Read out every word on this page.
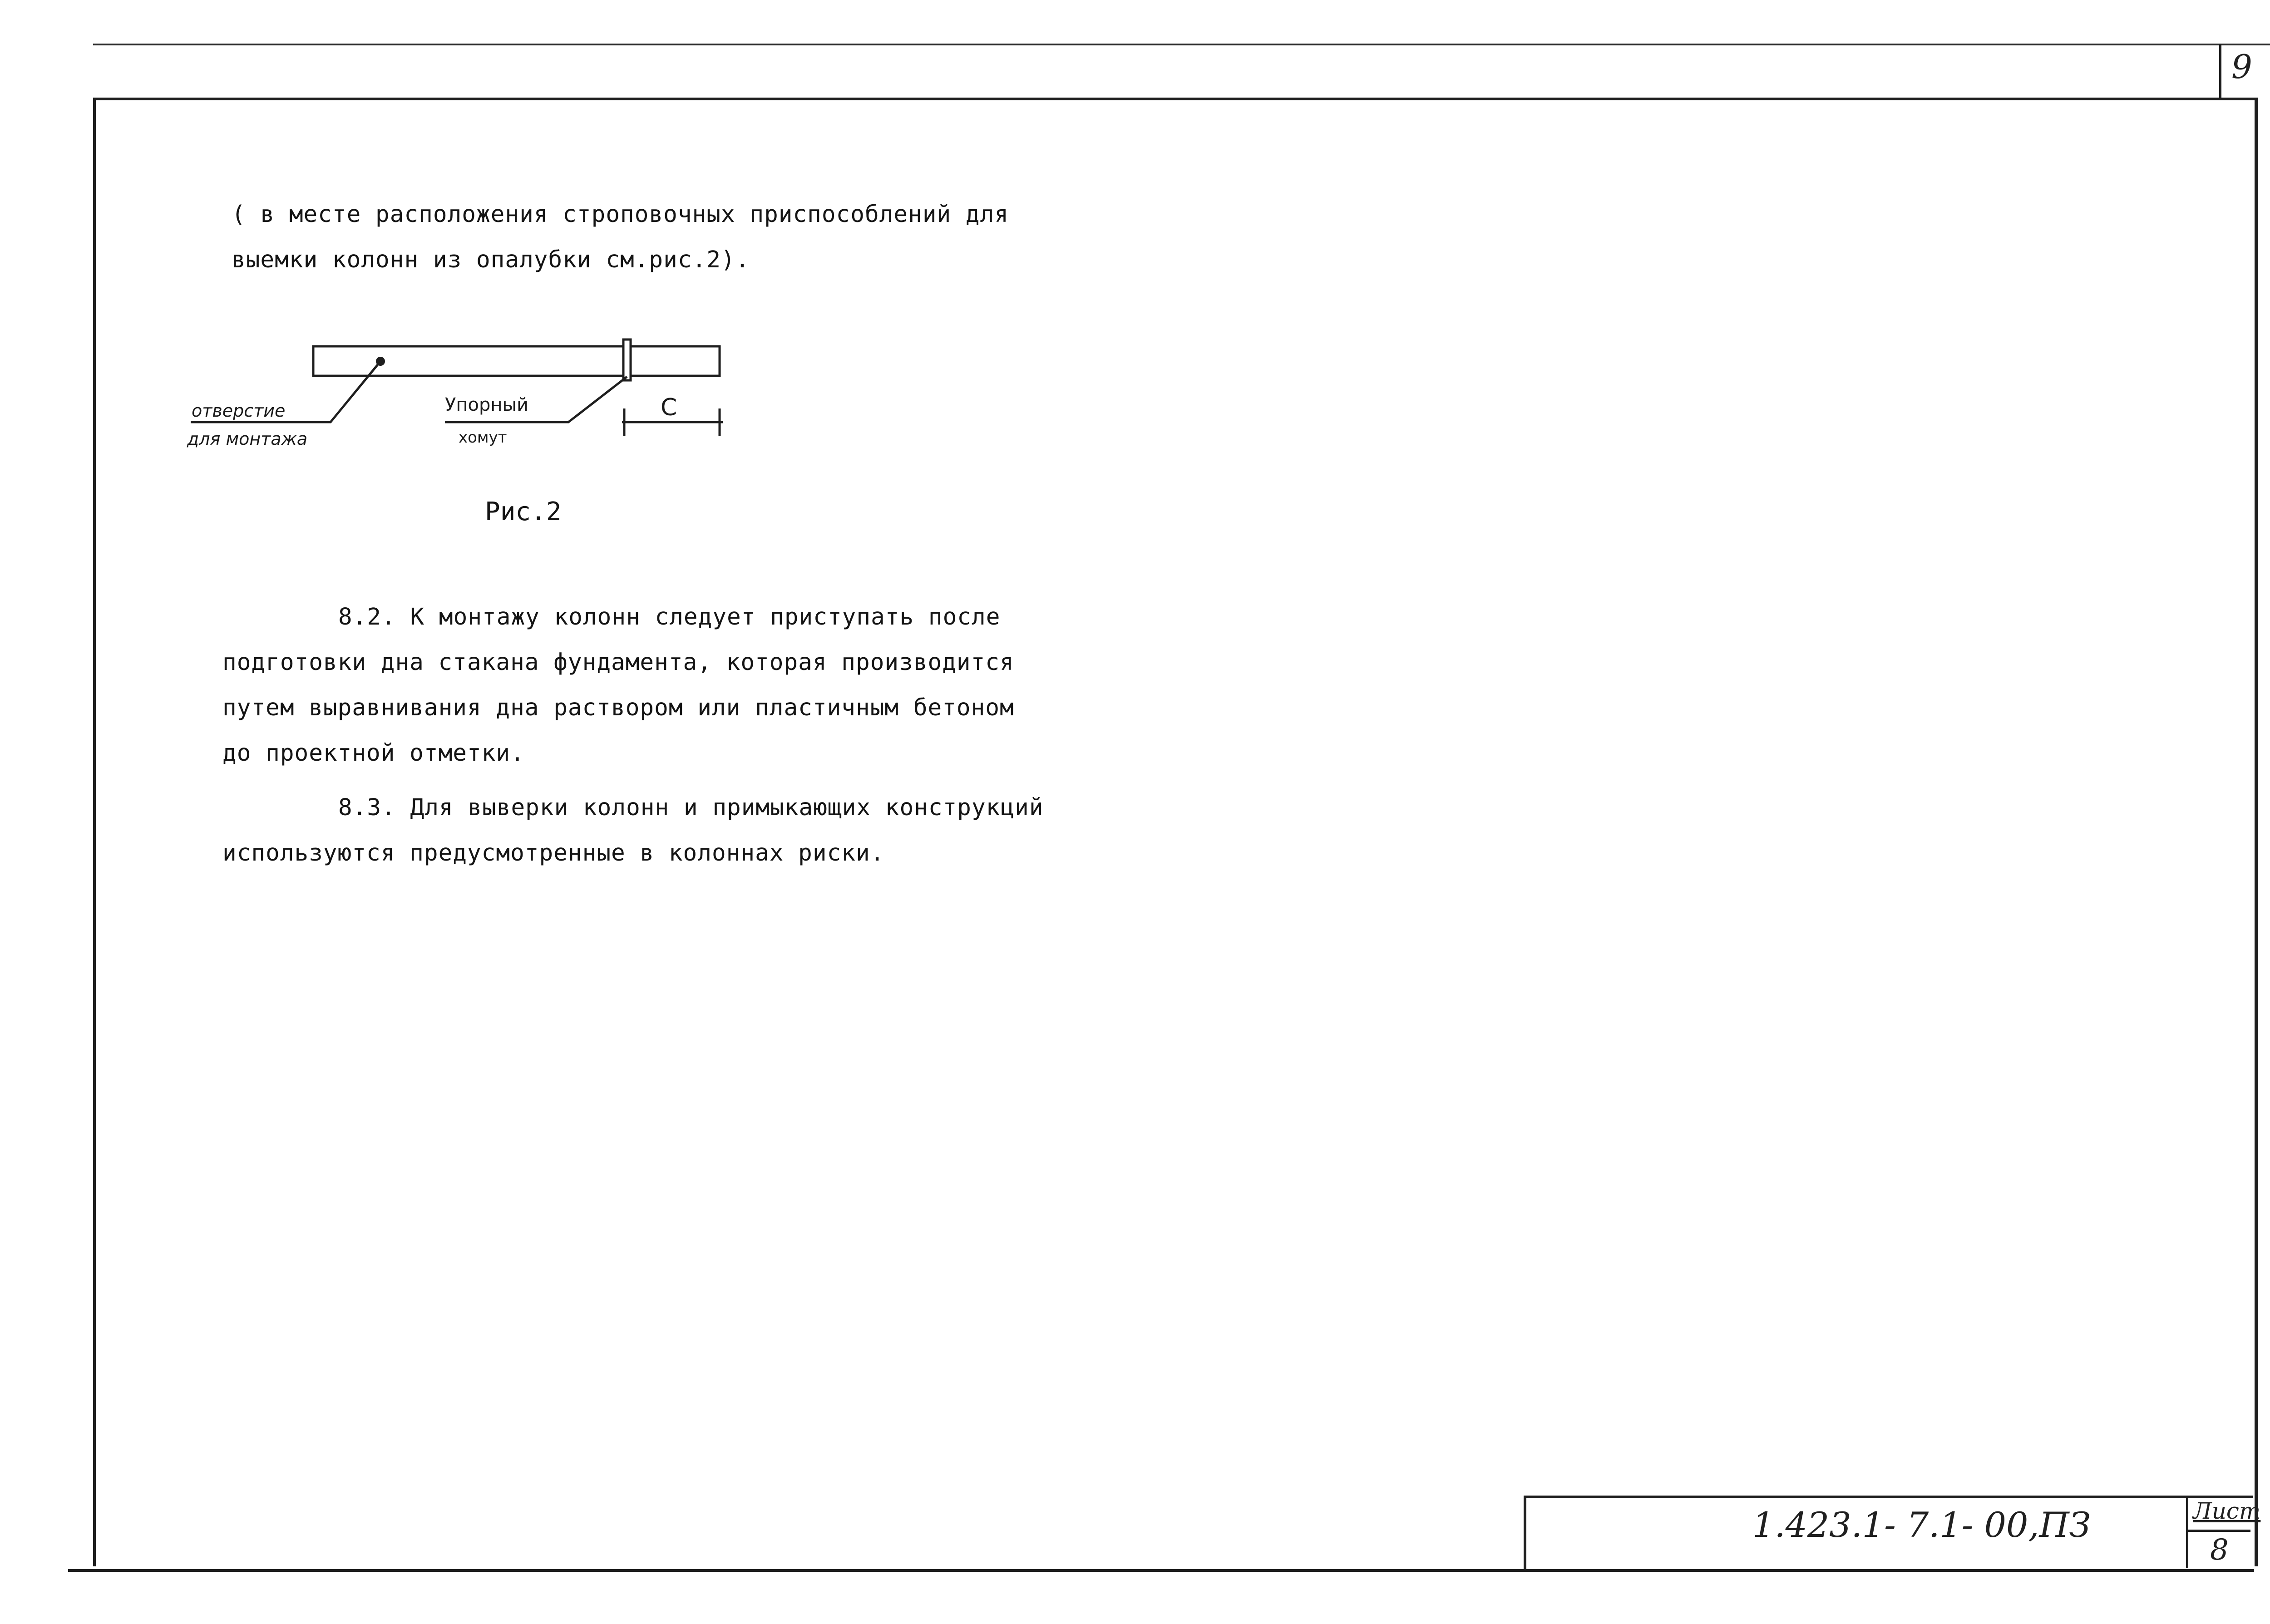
9
( в месте расположения строповочных приспособлений для
выемки колонн из опалубки см.рис.2).
отверстие
для монтажа
Упорный
хомут
С
Рис.2
8.2. К монтажу колонн следует приступать после
подготовки дна стакана фундамента, которая производится
путем выравнивания дна раствором или пластичным бетоном
до проектной отметки.
8.3. Для выверки колонн и примыкающих конструкций
используются предусмотренные в колоннах риски.
1.423.1- 7.1- 00,ПЗ	Лист
8
